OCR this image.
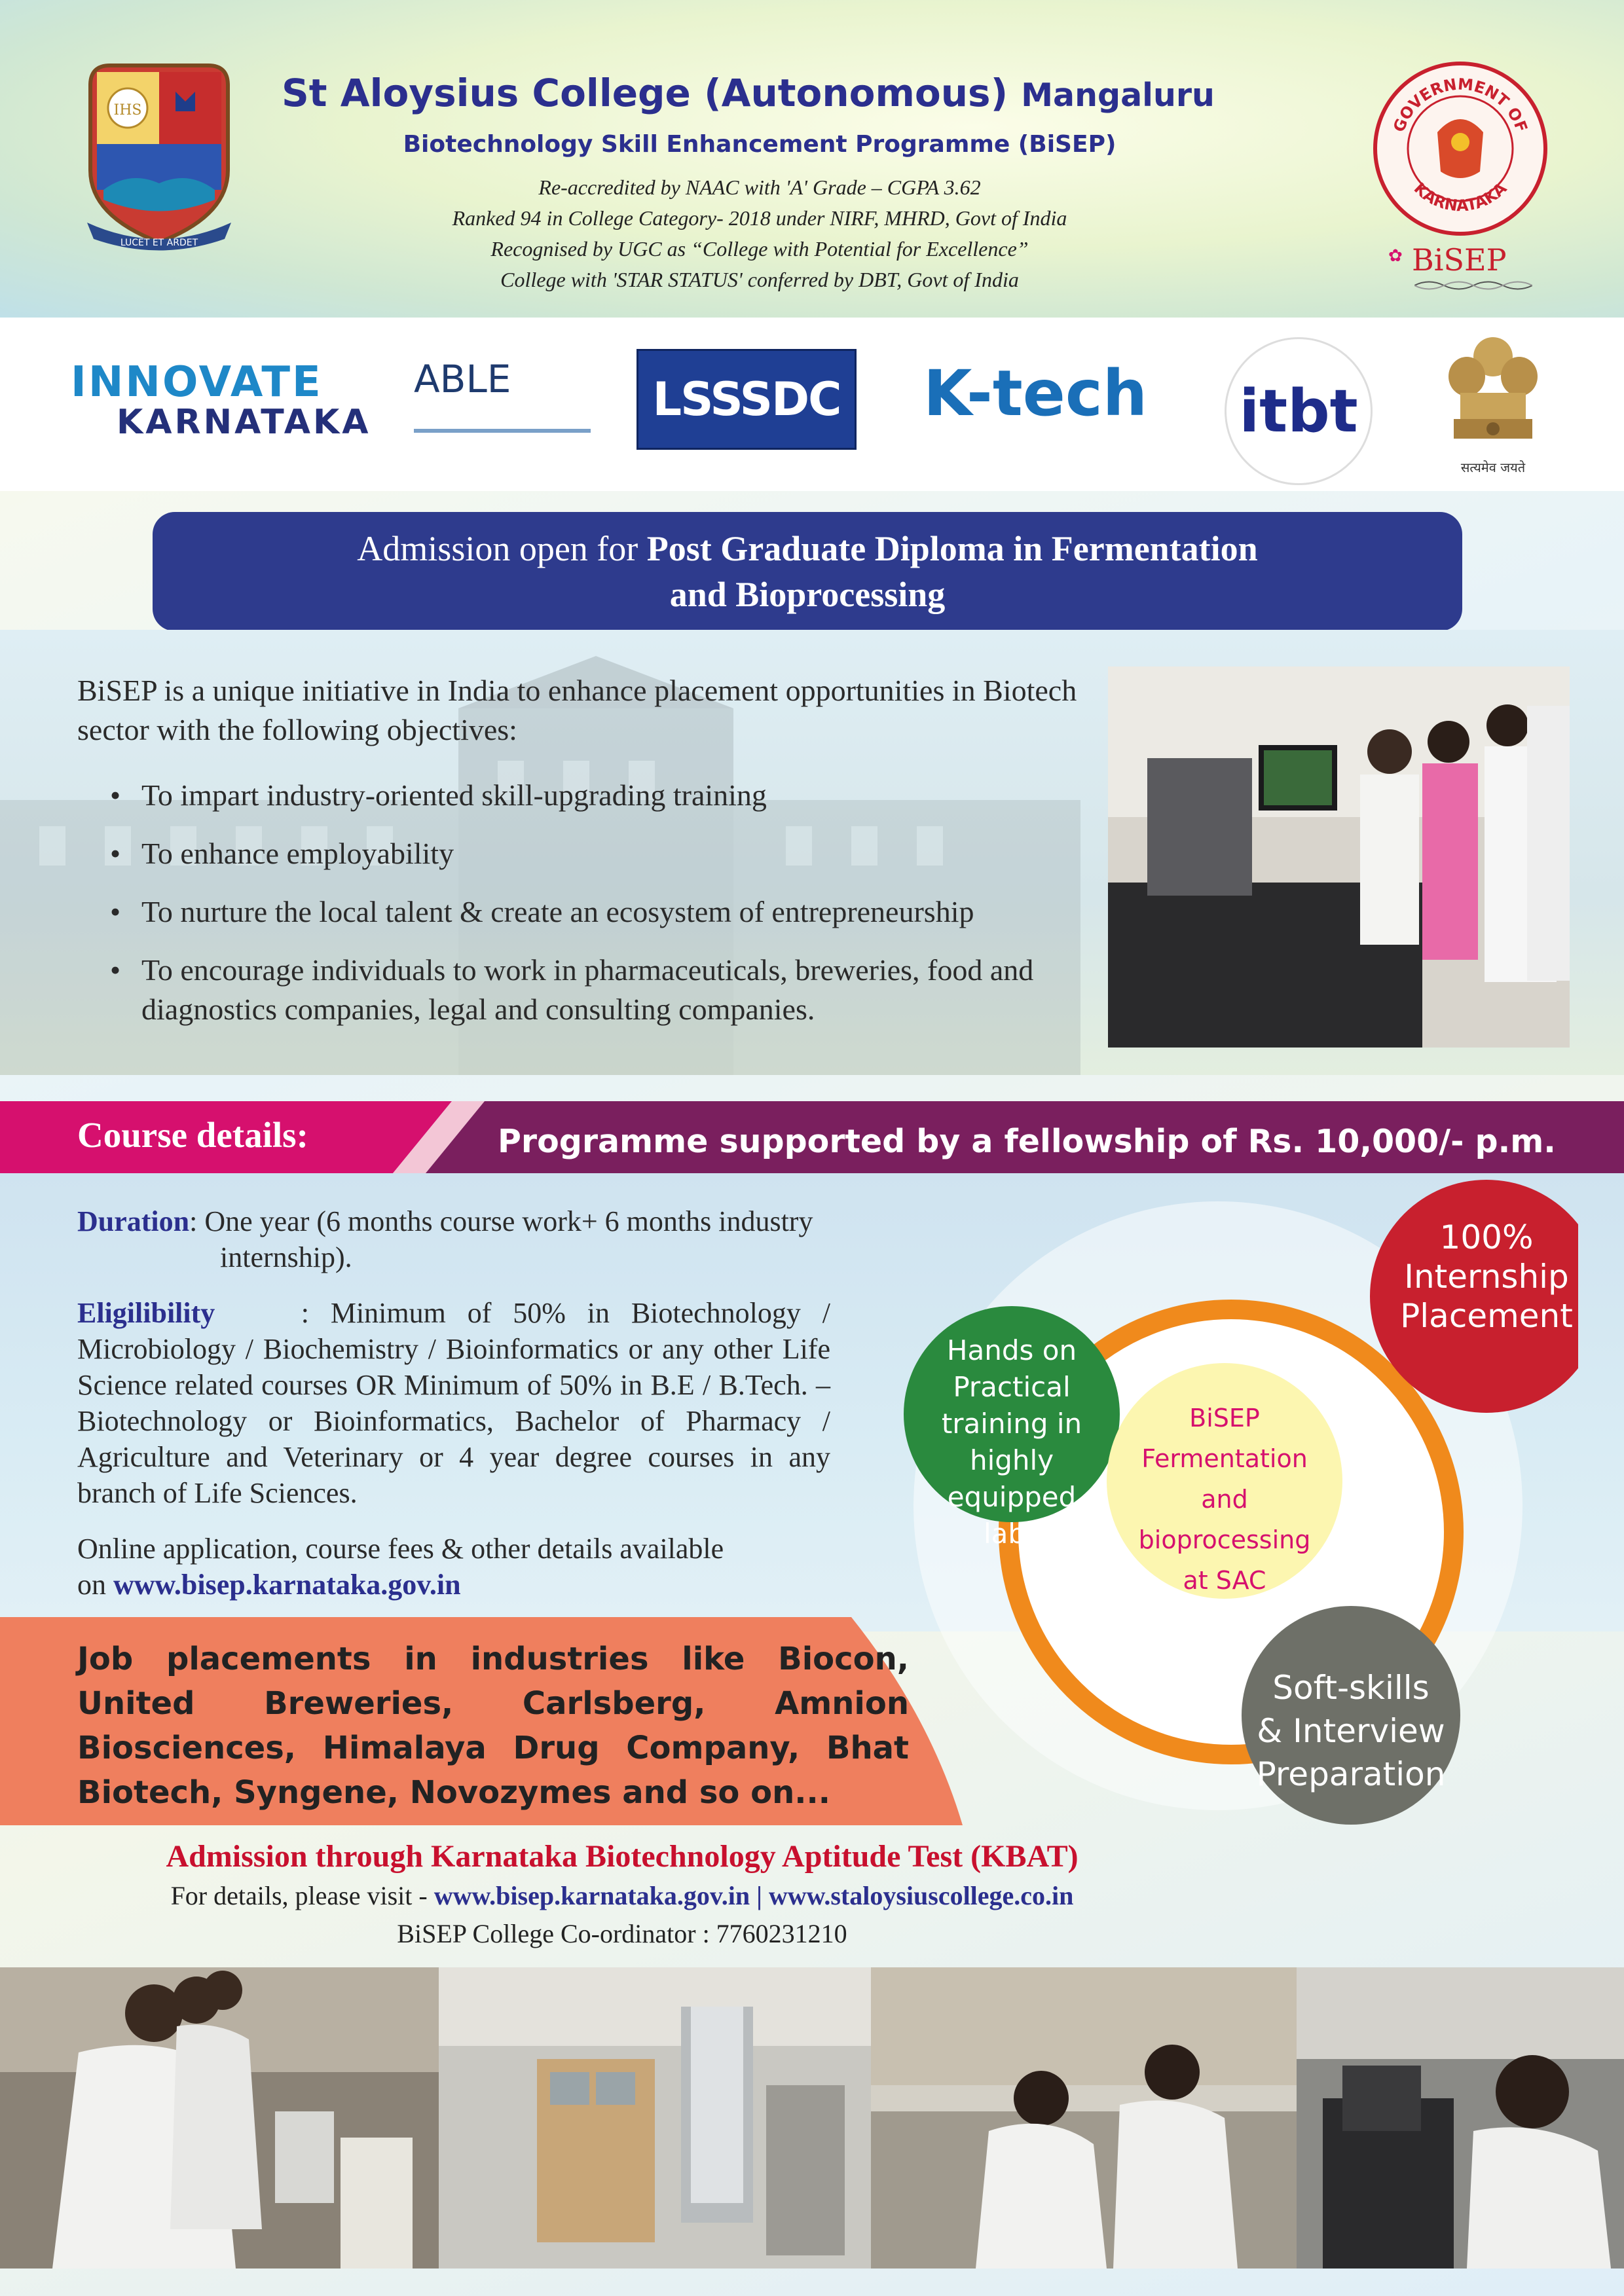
IHS
LUCET ET ARDET
St Aloysius College (Autonomous) Mangaluru
Biotechnology Skill Enhancement Programme (BiSEP)
Re-accredited by NAAC with 'A' Grade – CGPA 3.62
Ranked 94 in College Category- 2018 under NIRF, MHRD, Govt of India
Recognised by UGC as “College with Potential for Excellence”
College with 'STAR STATUS' conferred by DBT, Govt of India
GOVERNMENT OF
KARNATAKA
✿ BiSEP
INNOVATE
KARNATAKA
ABLE	LSSSDC K-tech	itbt
सत्यमेव जयते
Admission open for Post Graduate Diploma in Fermentation
and Bioprocessing
BiSEP is a unique initiative in India to enhance placement opportunities in Biotech sector with the following objectives:
• To impart industry-oriented skill-upgrading training
• To enhance employability
• To nurture the local talent & create an ecosystem of entrepreneurship
• To encourage individuals to work in pharmaceuticals, breweries, food and diagnostics companies, legal and consulting companies.
Course details:	Programme supported by a fellowship of Rs. 10,000/- p.m.
Duration: One year (6 months course work+ 6 months industry
internship).
Eligilibility	: Minimum of 50% in Biotechnology / Microbiology / Biochemistry / Bioinformatics or any other Life Science related courses OR Minimum of 50% in B.E / B.Tech. – Biotechnology or Bioinformatics, Bachelor of Pharmacy / Agriculture and Veterinary or 4 year degree courses in any branch of Life Sciences.
Online application, course fees & other details available
on www.bisep.karnataka.gov.in
Job placements in industries like Biocon, United Breweries, Carlsberg, Amnion Biosciences, Himalaya Drug Company, Bhat Biotech, Syngene, Novozymes and so on...
100%
Internship
Placement
Hands on
Practical
training in
highly equipped
labs
BiSEP
Fermentation
and
bioprocessing
at SAC
Soft-skills
& Interview
Preparation
Admission through Karnataka Biotechnology Aptitude Test (KBAT)
For details, please visit - www.bisep.karnataka.gov.in | www.staloysiuscollege.co.in
BiSEP College Co-ordinator : 7760231210
